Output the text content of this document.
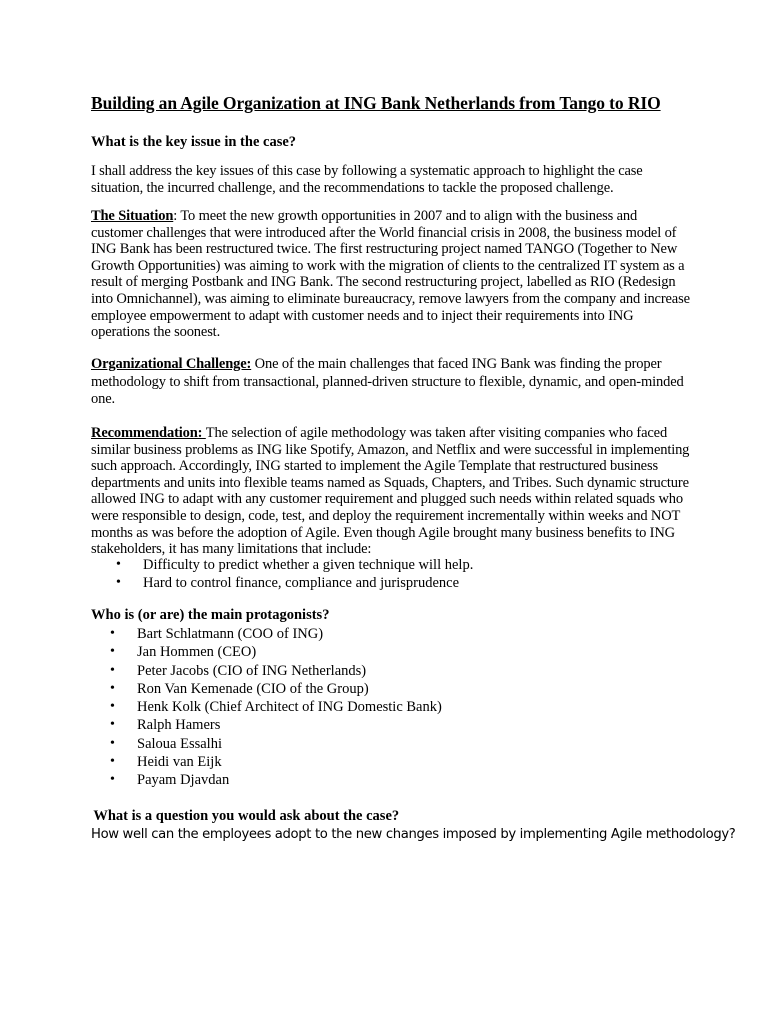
Building an Agile Organization at ING Bank Netherlands from Tango to RIO

What is the key issue in the case?

I shall address the key issues of this case by following a systematic approach to highlight the case situation, the incurred challenge, and the recommendations to tackle the proposed challenge.

The Situation: To meet the new growth opportunities in 2007 and to align with the business and customer challenges that were introduced after the World financial crisis in 2008, the business model of ING Bank has been restructured twice. The first restructuring project named TANGO (Together to New Growth Opportunities) was aiming to work with the migration of clients to the centralized IT system as a result of merging Postbank and ING Bank. The second restructuring project, labelled as RIO (Redesign into Omnichannel), was aiming to eliminate bureaucracy, remove lawyers from the company and increase employee empowerment to adapt with customer needs and to inject their requirements into ING operations the soonest.

Organizational Challenge: One of the main challenges that faced ING Bank was finding the proper methodology to shift from transactional, planned-driven structure to flexible, dynamic, and open-minded one.

Recommendation: The selection of agile methodology was taken after visiting companies who faced similar business problems as ING like Spotify, Amazon, and Netflix and were successful in implementing such approach. Accordingly, ING started to implement the Agile Template that restructured business departments and units into flexible teams named as Squads, Chapters, and Tribes. Such dynamic structure allowed ING to adapt with any customer requirement and plugged such needs within related squads who were responsible to design, code, test, and deploy the requirement incrementally within weeks and NOT months as was before the adoption of Agile. Even though Agile brought many business benefits to ING stakeholders, it has many limitations that include:

• Difficulty to predict whether a given technique will help.
• Hard to control finance, compliance and jurisprudence

Who is (or are) the main protagonists?

• Bart Schlatmann (COO of ING)
• Jan Hommen (CEO)
• Peter Jacobs (CIO of ING Netherlands)
• Ron Van Kemenade (CIO of the Group)
• Henk Kolk (Chief Architect of ING Domestic Bank)
• Ralph Hamers
• Saloua Essalhi
• Heidi van Eijk
• Payam Djavdan

What is a question you would ask about the case?

How well can the employees adopt to the new changes imposed by implementing Agile methodology?
